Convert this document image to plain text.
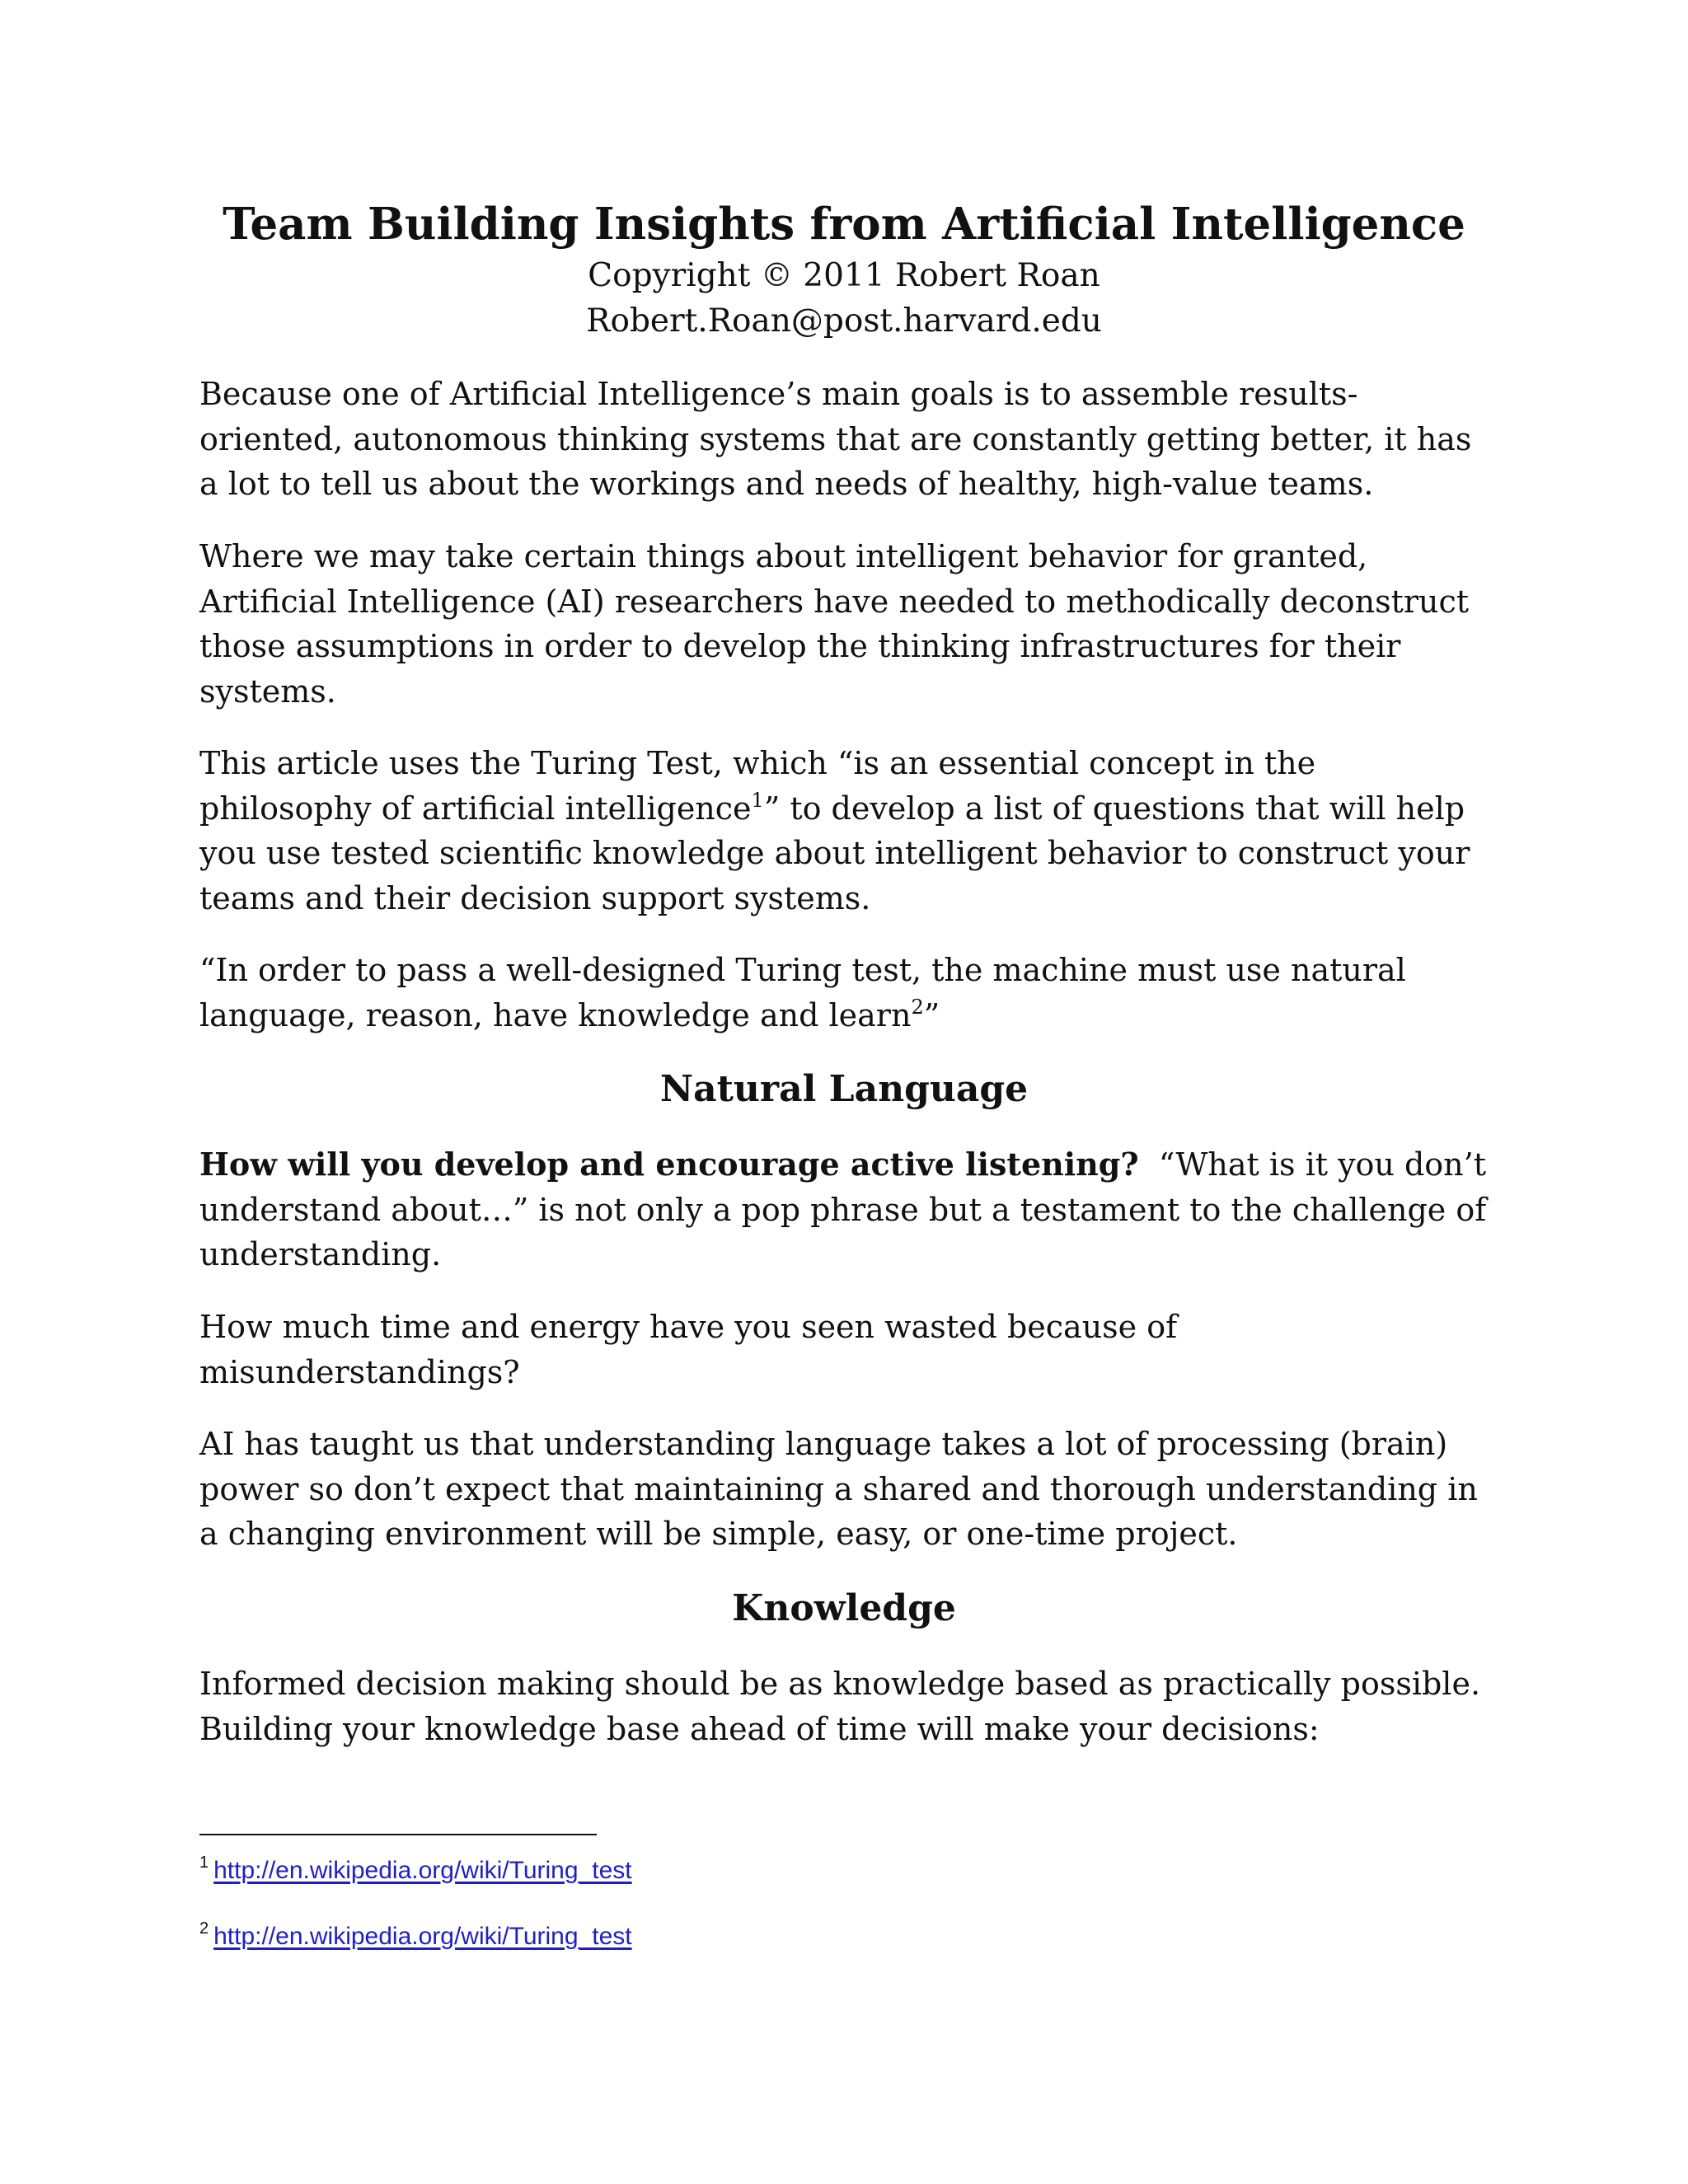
Team Building Insights from Artificial Intelligence

Copyright © 2011 Robert Roan

Robert.Roan@post.harvard.edu

Because one of Artificial Intelligence’s main goals is to assemble results-oriented, autonomous thinking systems that are constantly getting better, it has a lot to tell us about the workings and needs of healthy, high-value teams.

Where we may take certain things about intelligent behavior for granted, Artificial Intelligence (AI) researchers have needed to methodically deconstruct those assumptions in order to develop the thinking infrastructures for their systems.

This article uses the Turing Test, which “is an essential concept in the philosophy of artificial intelligence$^1$” to develop a list of questions that will help you use tested scientific knowledge about intelligent behavior to construct your teams and their decision support systems.

“In order to pass a well-designed Turing test, the machine must use natural language, reason, have knowledge and learn$^2$”

Natural Language

How will you develop and encourage active listening? “What is it you don’t understand about…” is not only a pop phrase but a testament to the challenge of understanding.

How much time and energy have you seen wasted because of misunderstandings?

AI has taught us that understanding language takes a lot of processing (brain) power so don’t expect that maintaining a shared and thorough understanding in a changing environment will be simple, easy, or one-time project.

Knowledge

Informed decision making should be as knowledge based as practically possible. Building your knowledge base ahead of time will make your decisions:

$^1$ http://en.wikipedia.org/wiki/Turing_test

$^2$ http://en.wikipedia.org/wiki/Turing_test
